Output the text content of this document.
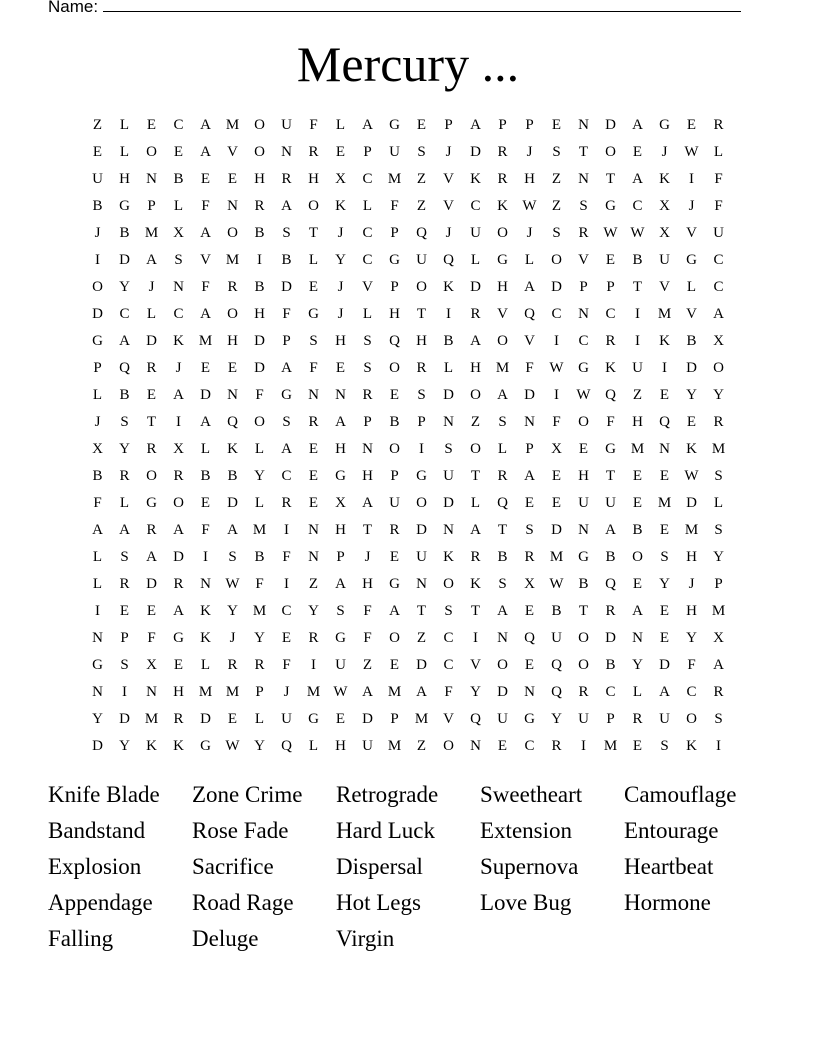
Name:
Mercury ...
Z	L	E	C	A M O	U	F	L	A	G	E	P	A	P	P	E	N	D	A	G	E	R
E	L	O	E	A	V	O	N	R	E	P	U	S	J	D	R	J	S	T	O	E	J	W	L
U	H	N	B	E	E	H	R	H	X	C	M	Z	V	K	R	H	Z	N	T	A	K	I	F
B	G	P	L	F	N	R	A	O	K	L	F	Z	V	C	K W	Z	S	G	C	X	J	F
J	B	M X	A	O	B	S	T	J	C	P	Q	J	U	O	J	S	R W W X	V	U
I	D	A	S	V M	I	B	L	Y	C	G	U	Q	L	G	L	O	V	E	B	U	G	C
O	Y	J	N	F	R	B	D	E	J	V	P	O	K	D	H	A	D	P	P	T	V	L	C
D	C	L	C	A	O	H	F	G	J	L	H	T	I	R	V	Q	C	N	C	I	M V	A
G	A	D	K M H	D	P	S	H	S	Q	H	B	A	O	V	I	C	R	I	K	B	X
P	Q	R	J	E	E	D	A	F	E	S	O	R	L	H M	F	W G	K	U	I	D	O
L	B	E	A	D	N	F	G	N	N	R	E	S	D	O	A	D	I	W Q	Z	E	Y	Y
J	S	T	I	A	Q	O	S	R	A	P	B	P	N	Z	S	N	F	O	F	H	Q	E	R
X	Y	R	X	L	K	L	A	E	H	N	O	I	S	O	L	P	X	E	G M N	K M
B	R	O	R	B	B	Y	C	E	G	H	P	G	U	T	R	A	E	H	T	E	E	W	S
F	L	G	O	E	D	L	R	E	X	A	U	O	D	L	Q	E	E	U	U	E	M D	L
A	A	R	A	F	A M	I	N	H	T	R	D	N	A	T	S	D	N	A	B	E	M	S
L	S	A	D	I	S	B	F	N	P	J	E	U	K	R	B	R	M G	B	O	S	H	Y
L	R	D	R	N W	F	I	Z	A	H	G	N	O	K	S	X W B	Q	E	Y	J	P
I	E	E	A	K	Y M	C	Y	S	F	A	T	S	T	A	E	B	T	R	A	E	H M
N	P	F	G	K	J	Y	E	R	G	F	O	Z	C	I	N	Q	U	O	D	N	E	Y	X
G	S	X	E	L	R	R	F	I	U	Z	E	D	C	V	O	E	Q	O	B	Y	D	F	A
N	I	N	H M M	P	J	M W A M A	F	Y	D	N	Q	R	C	L	A	C	R
Y	D M	R	D	E	L	U	G	E	D	P	M V	Q	U	G	Y	U	P	R	U	O	S
D	Y	K	K	G W Y	Q	L	H	U M	Z	O	N	E	C	R	I	M	E	S	K	I
Knife Blade	Zone Crime	Retrograde	Sweetheart	Camouflage
Bandstand	Rose Fade	Hard Luck	Extension	Entourage
Explosion	Sacrifice	Dispersal	Supernova	Heartbeat
Appendage	Road Rage	Hot Legs	Love Bug	Hormone
Falling	Deluge	Virgin
